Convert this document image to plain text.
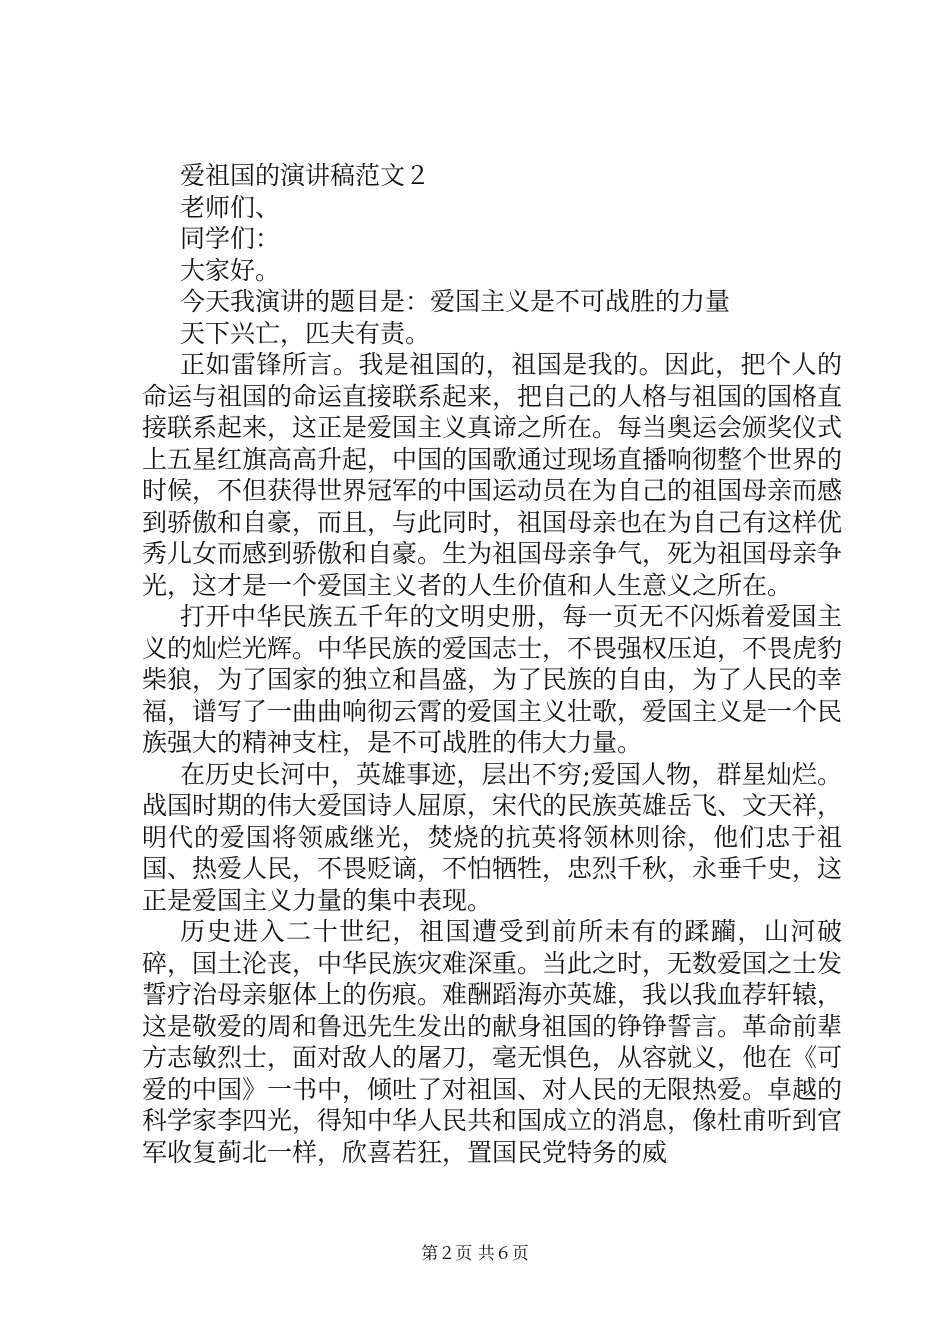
爱祖国的演讲稿范文２

老师们、

同学们：

大家好。

今天我演讲的题目是：爱国主义是不可战胜的力量

天下兴亡，匹夫有责。

正如雷锋所言。我是祖国的，祖国是我的。因此，把个人的命运与祖国的命运直接联系起来，把自己的人格与祖国的国格直接联系起来，这正是爱国主义真谛之所在。每当奥运会颁奖仪式上五星红旗高高升起，中国的国歌通过现场直播响彻整个世界的时候，不但获得世界冠军的中国运动员在为自己的祖国母亲而感到骄傲和自豪，而且，与此同时，祖国母亲也在为自己有这样优秀儿女而感到骄傲和自豪。生为祖国母亲争气，死为祖国母亲争光，这才是一个爱国主义者的人生价值和人生意义之所在。

打开中华民族五千年的文明史册，每一页无不闪烁着爱国主义的灿烂光辉。中华民族的爱国志士，不畏强权压迫，不畏虎豹柴狼，为了国家的独立和昌盛，为了民族的自由，为了人民的幸福，谱写了一曲曲响彻云霄的爱国主义壮歌，爱国主义是一个民族强大的精神支柱，是不可战胜的伟大力量。

在历史长河中，英雄事迹，层出不穷;爱国人物，群星灿烂。战国时期的伟大爱国诗人屈原，宋代的民族英雄岳飞、文天祥，明代的爱国将领戚继光，焚烧的抗英将领林则徐，他们忠于祖国、热爱人民，不畏贬谪，不怕牺牲，忠烈千秋，永垂千史，这正是爱国主义力量的集中表现。

历史进入二十世纪，祖国遭受到前所未有的蹂躏，山河破碎，国土沦丧，中华民族灾难深重。当此之时，无数爱国之士发誓疗治母亲躯体上的伤痕。难酬蹈海亦英雄，我以我血荐轩辕，这是敬爱的周和鲁迅先生发出的献身祖国的铮铮誓言。革命前辈方志敏烈士，面对敌人的屠刀，毫无惧色，从容就义，他在《可爱的中国》一书中，倾吐了对祖国、对人民的无限热爱。卓越的科学家李四光，得知中华人民共和国成立的消息，像杜甫听到官军收复蓟北一样，欣喜若狂，置国民党特务的威

第２页 共６页
